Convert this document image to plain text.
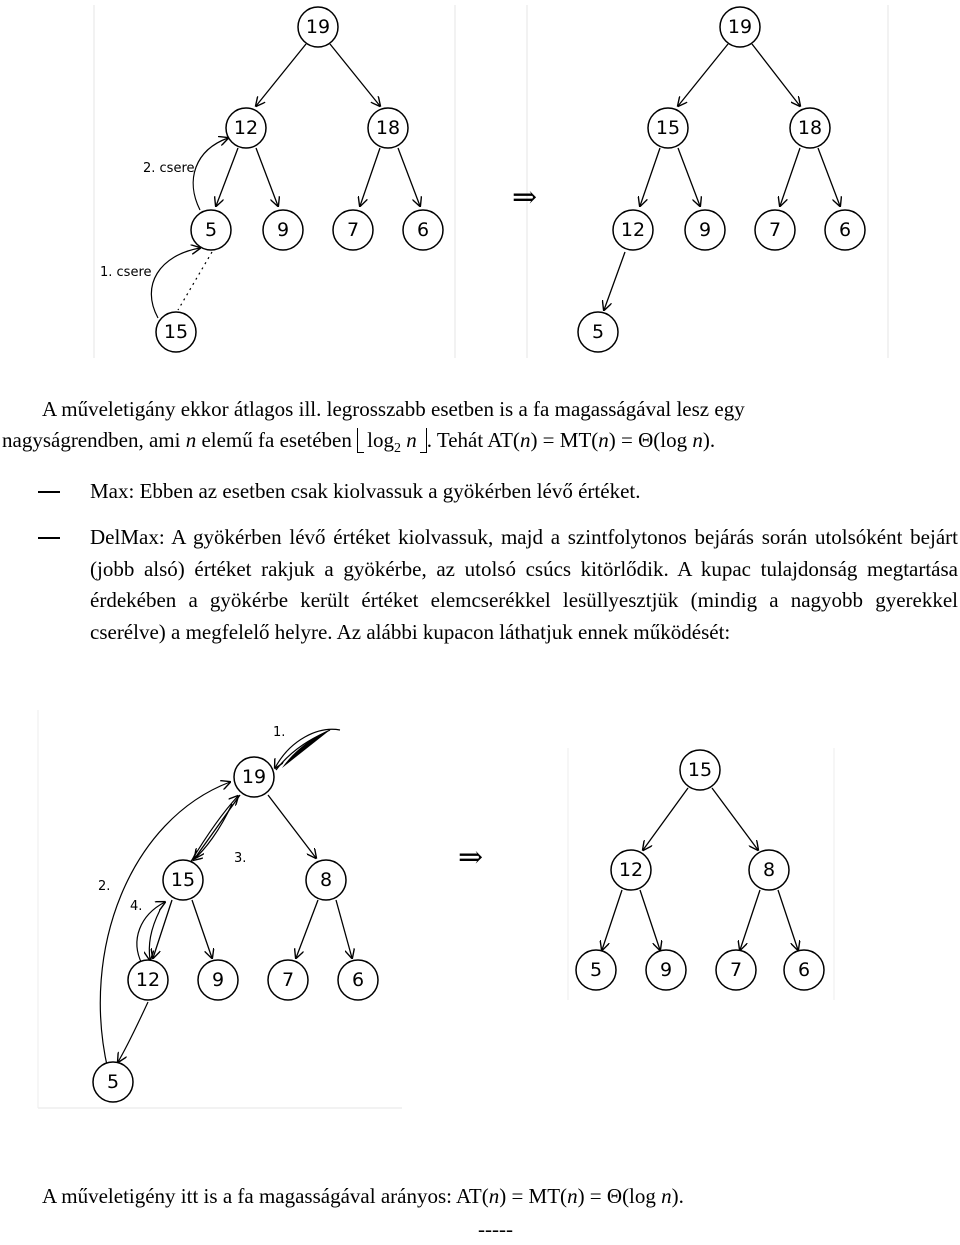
2. csere
1. csere
19
12	18
5	9	7	6
15
19
15	18
12	9	7	6
5
⇒
A műveletigány ekkor átlagos ill. legrosszabb esetben is a fa magasságával lesz egy
nagyságrendben, ami n elemű fa esetében $\log_2 n$ . Tehát AT(n) = MT(n) = Θ(log n).
Max: Ebben az esetben csak kiolvassuk a gyökérben lévő értéket.
DelMax: A gyökérben lévő értéket kiolvassuk, majd a szintfolytonos bejárás során utolsóként bejárt (jobb alsó) értéket rakjuk a gyökérbe, az utolsó csúcs kitörlődik. A kupac tulajdonság megtartása érdekében a gyökérbe került értéket elemcserékkel lesüllyesztjük (mindig a nagyobb gyerekkel cserélve) a megfelelő helyre. Az alábbi kupacon láthatjuk ennek működését:
1.
2.
3.
4.
19
15	8
12	9	7	6
5
15
12	8
5	9	7	6
⇒
A műveletigény itt is a fa magasságával arányos: AT(n) = MT(n) = Θ(log n).
-----
